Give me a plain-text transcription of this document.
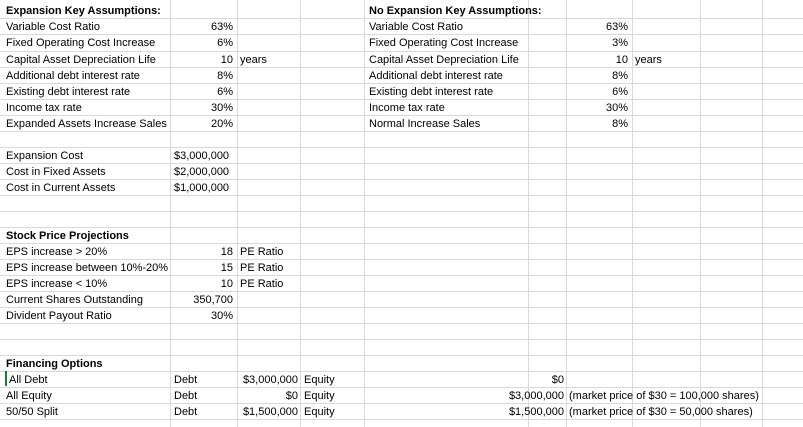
Expansion Key Assumptions:
Variable Cost Ratio	63%
Fixed Operating Cost Increase	6%
Capital Asset Depreciation Life	10 years
Additional debt interest rate	8%
Existing debt interest rate	6%
Income tax rate	30%
Expanded Assets Increase Sales	20%
No Expansion Key Assumptions:
Variable Cost Ratio	63%
Fixed Operating Cost Increase	3%
Capital Asset Depreciation Life	10 years
Additional debt interest rate	8%
Existing debt interest rate	6%
Income tax rate	30%
Normal Increase Sales	8%
Expansion Cost	$3,000,000
Cost in Fixed Assets	$2,000,000
Cost in Current Assets	$1,000,000
Stock Price Projections
EPS increase > 20%	18 PE Ratio
EPS increase between 10%-20%	15 PE Ratio
EPS increase < 10%	10 PE Ratio
Current Shares Outstanding	350,700
Divident Payout Ratio	30%
Financing Options
All Debt	Debt	$3,000,000 Equity	$0
All Equity	Debt	$0 Equity	$3,000,000 (market price of $30 = 100,000 shares)
50/50 Split	Debt	$1,500,000 Equity	$1,500,000 (market price of $30 = 50,000 shares)
